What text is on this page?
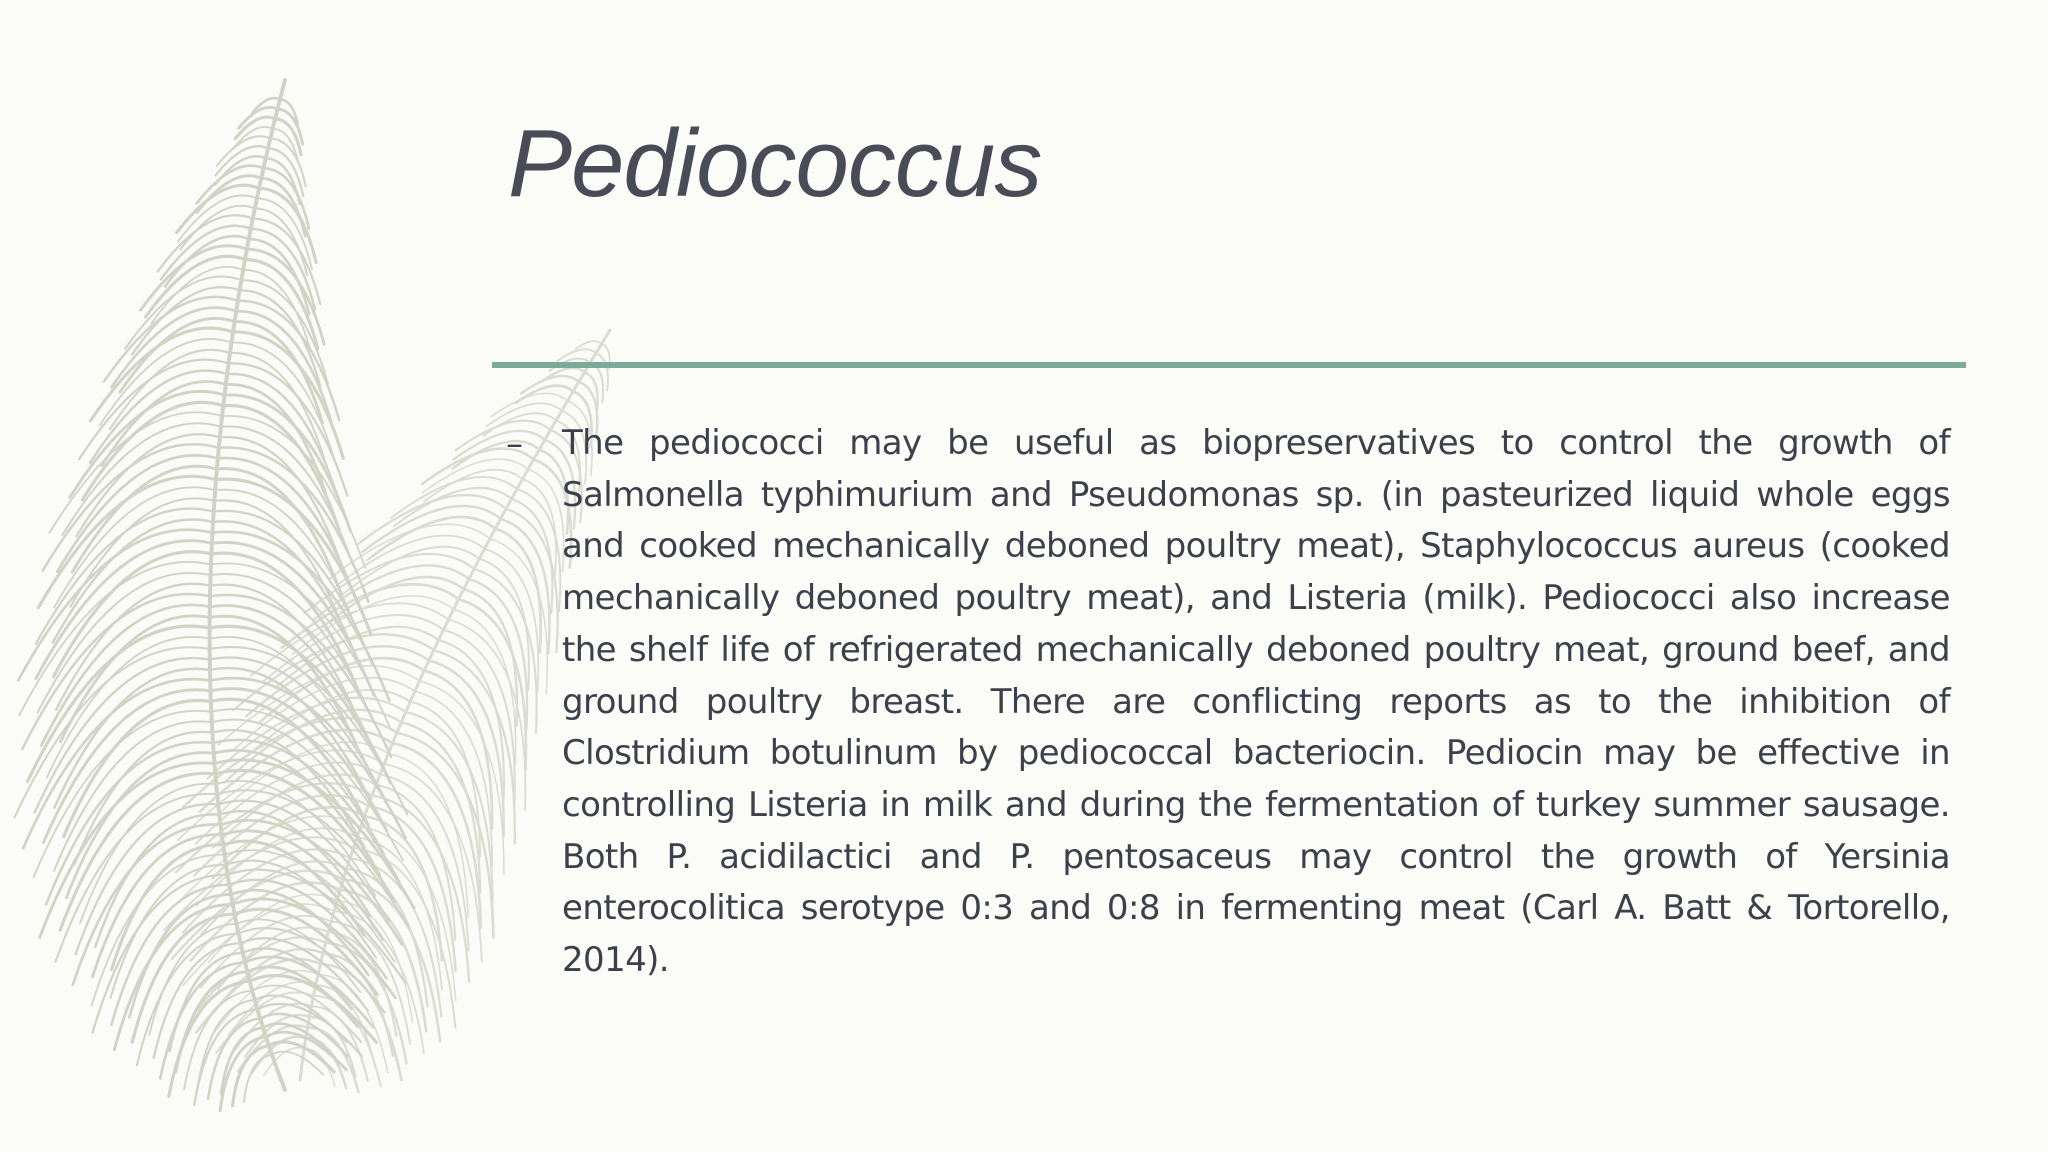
Pediococcus
–	The pediococci may be useful as biopreservatives to control the growth of Salmonella typhimurium and Pseudomonas sp. (in pasteurized liquid whole eggs and cooked mechanically deboned poultry meat), Staphylococcus aureus (cooked mechanically deboned poultry meat), and Listeria (milk). Pediococci also increase the shelf life of refrigerated mechanically deboned poultry meat, ground beef, and ground poultry breast. There are conflicting reports as to the inhibition of Clostridium botulinum by pediococcal bacteriocin. Pediocin may be effective in controlling Listeria in milk and during the fermentation of turkey summer sausage. Both P. acidilactici and P. pentosaceus may control the growth of Yersinia enterocolitica serotype 0:3 and 0:8 in fermenting meat (Carl A. Batt & Tortorello, 2014).
